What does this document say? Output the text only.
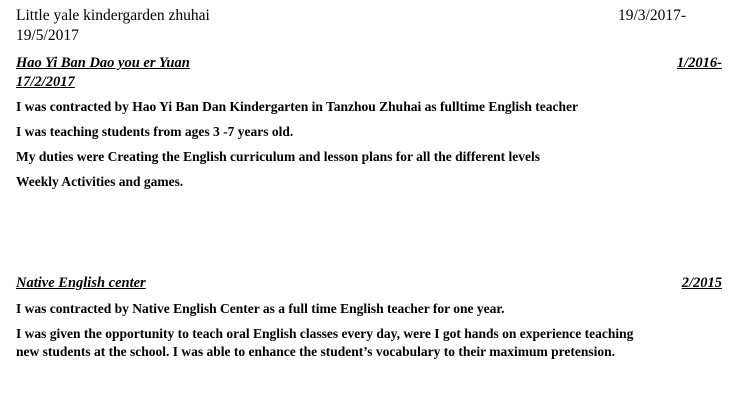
Little yale kindergarden zhuhai	19/3/2017-
19/5/2017
Hao Yi Ban Dao you er Yuan	1/2016-
17/2/2017
I was contracted by Hao Yi Ban Dan Kindergarten in Tanzhou Zhuhai as fulltime English teacher
I was teaching students from ages 3 -7 years old.
My duties were Creating the English curriculum and lesson plans for all the different levels
Weekly Activities and games.
Native English center	2/2015
I was contracted by Native English Center as a full time English teacher for one year.
I was given the opportunity to teach oral English classes every day, were I got hands on experience teaching
new students at the school. I was able to enhance the student’s vocabulary to their maximum pretension.
